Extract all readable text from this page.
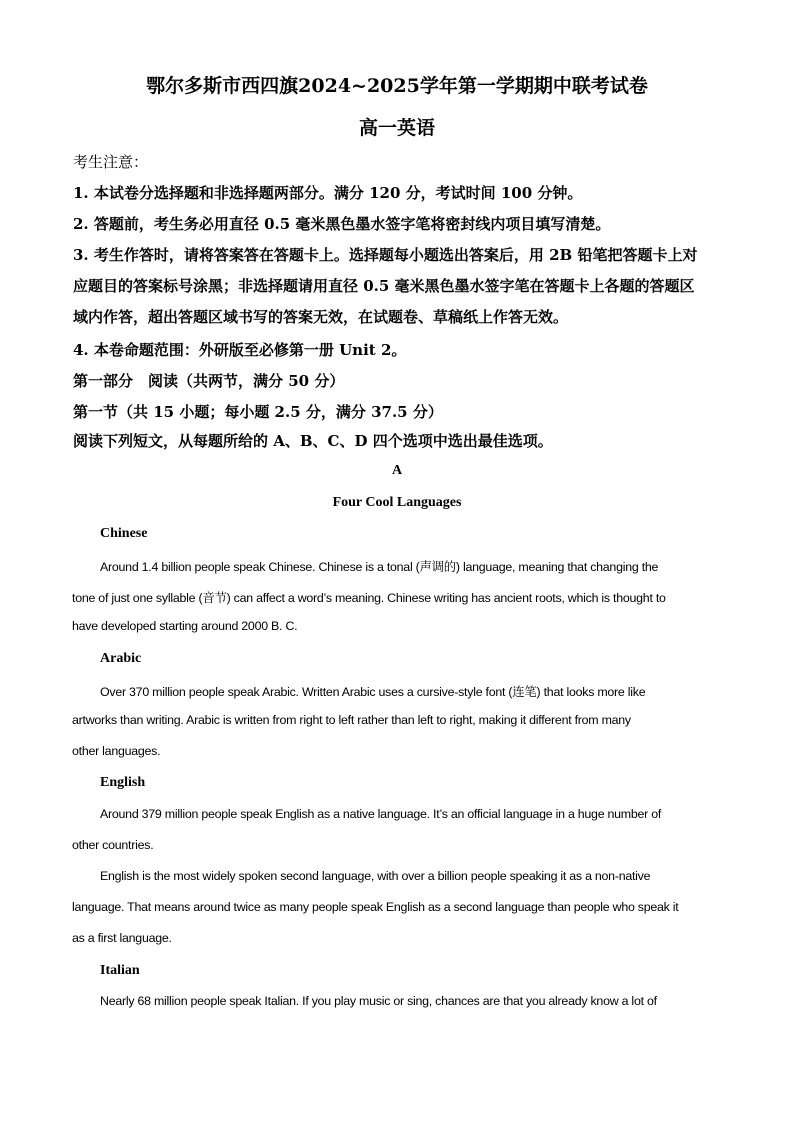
鄂尔多斯市西四旗2024~2025学年第一学期期中联考试卷
高一英语
考生注意：
1. 本试卷分选择题和非选择题两部分。满分 120 分，考试时间 100 分钟。
2. 答题前，考生务必用直径 0.5 毫米黑色墨水签字笔将密封线内项目填写清楚。
3. 考生作答时，请将答案答在答题卡上。选择题每小题选出答案后，用 2B 铅笔把答题卡上对
应题目的答案标号涂黑；非选择题请用直径 0.5 毫米黑色墨水签字笔在答题卡上各题的答题区
域内作答，超出答题区域书写的答案无效，在试题卷、草稿纸上作答无效。
4. 本卷命题范围：外研版至必修第一册 Unit 2。
第一部分　阅读（共两节，满分 50 分）
第一节（共 15 小题；每小题 2.5 分，满分 37.5 分）
阅读下列短文，从每题所给的 A、B、C、D 四个选项中选出最佳选项。
A
Four Cool Languages
Chinese
Around 1.4 billion people speak Chinese. Chinese is a tonal (声调的) language, meaning that changing the
tone of just one syllable (音节) can affect a word’s meaning. Chinese writing has ancient roots, which is thought to
have developed starting around 2000 B. C.
Arabic
Over 370 million people speak Arabic. Written Arabic uses a cursive-style font (连笔) that looks more like
artworks than writing. Arabic is written from right to left rather than left to right, making it different from many
other languages.
English
Around 379 million people speak English as a native language. It’s an official language in a huge number of
other countries.
English is the most widely spoken second language, with over a billion people speaking it as a non-native
language. That means around twice as many people speak English as a second language than people who speak it
as a first language.
Italian
Nearly 68 million people speak Italian. If you play music or sing, chances are that you already know a lot of
